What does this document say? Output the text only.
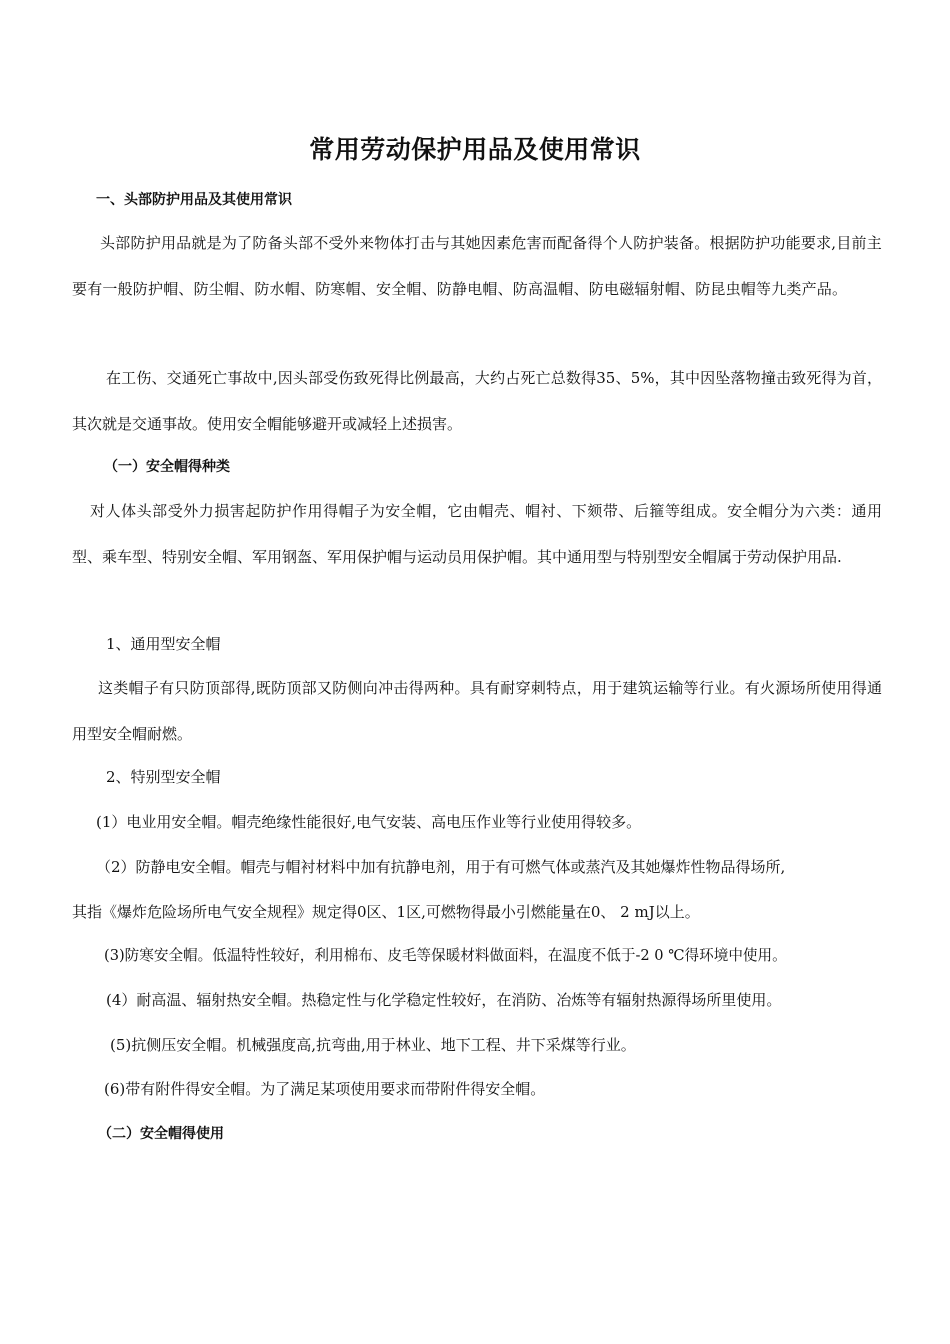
常用劳动保护用品及使用常识
一、头部防护用品及其使用常识
头部防护用品就是为了防备头部不受外来物体打击与其她因素危害而配备得个人防护装备。根据防护功能要求,目前主要有一般防护帽、防尘帽、防水帽、防寒帽、安全帽、防静电帽、防高温帽、防电磁辐射帽、防昆虫帽等九类产品。
在工伤、交通死亡事故中,因头部受伤致死得比例最高，大约占死亡总数得35、5%，其中因坠落物撞击致死得为首，其次就是交通事故。使用安全帽能够避开或减轻上述损害。
（一）安全帽得种类
对人体头部受外力损害起防护作用得帽子为安全帽，它由帽壳、帽衬、下颏带、后箍等组成。安全帽分为六类：通用型、乘车型、特别安全帽、军用钢盔、军用保护帽与运动员用保护帽。其中通用型与特别型安全帽属于劳动保护用品.
1、通用型安全帽
这类帽子有只防顶部得,既防顶部又防侧向冲击得两种。具有耐穿刺特点，用于建筑运输等行业。有火源场所使用得通用型安全帽耐燃。
2、特别型安全帽
(1）电业用安全帽。帽壳绝缘性能很好,电气安装、高电压作业等行业使用得较多。
（2）防静电安全帽。帽壳与帽衬材料中加有抗静电剂，用于有可燃气体或蒸汽及其她爆炸性物品得场所,
其指《爆炸危险场所电气安全规程》规定得0区、1区,可燃物得最小引燃能量在0、 2 mJ以上。
(3)防寒安全帽。低温特性较好，利用棉布、皮毛等保暖材料做面料，在温度不低于-2 0 ℃得环境中使用。
(4）耐高温、辐射热安全帽。热稳定性与化学稳定性较好，在消防、冶炼等有辐射热源得场所里使用。
(5)抗侧压安全帽。机械强度高,抗弯曲,用于林业、地下工程、井下采煤等行业。
(6)带有附件得安全帽。为了满足某项使用要求而带附件得安全帽。
（二）安全帽得使用
